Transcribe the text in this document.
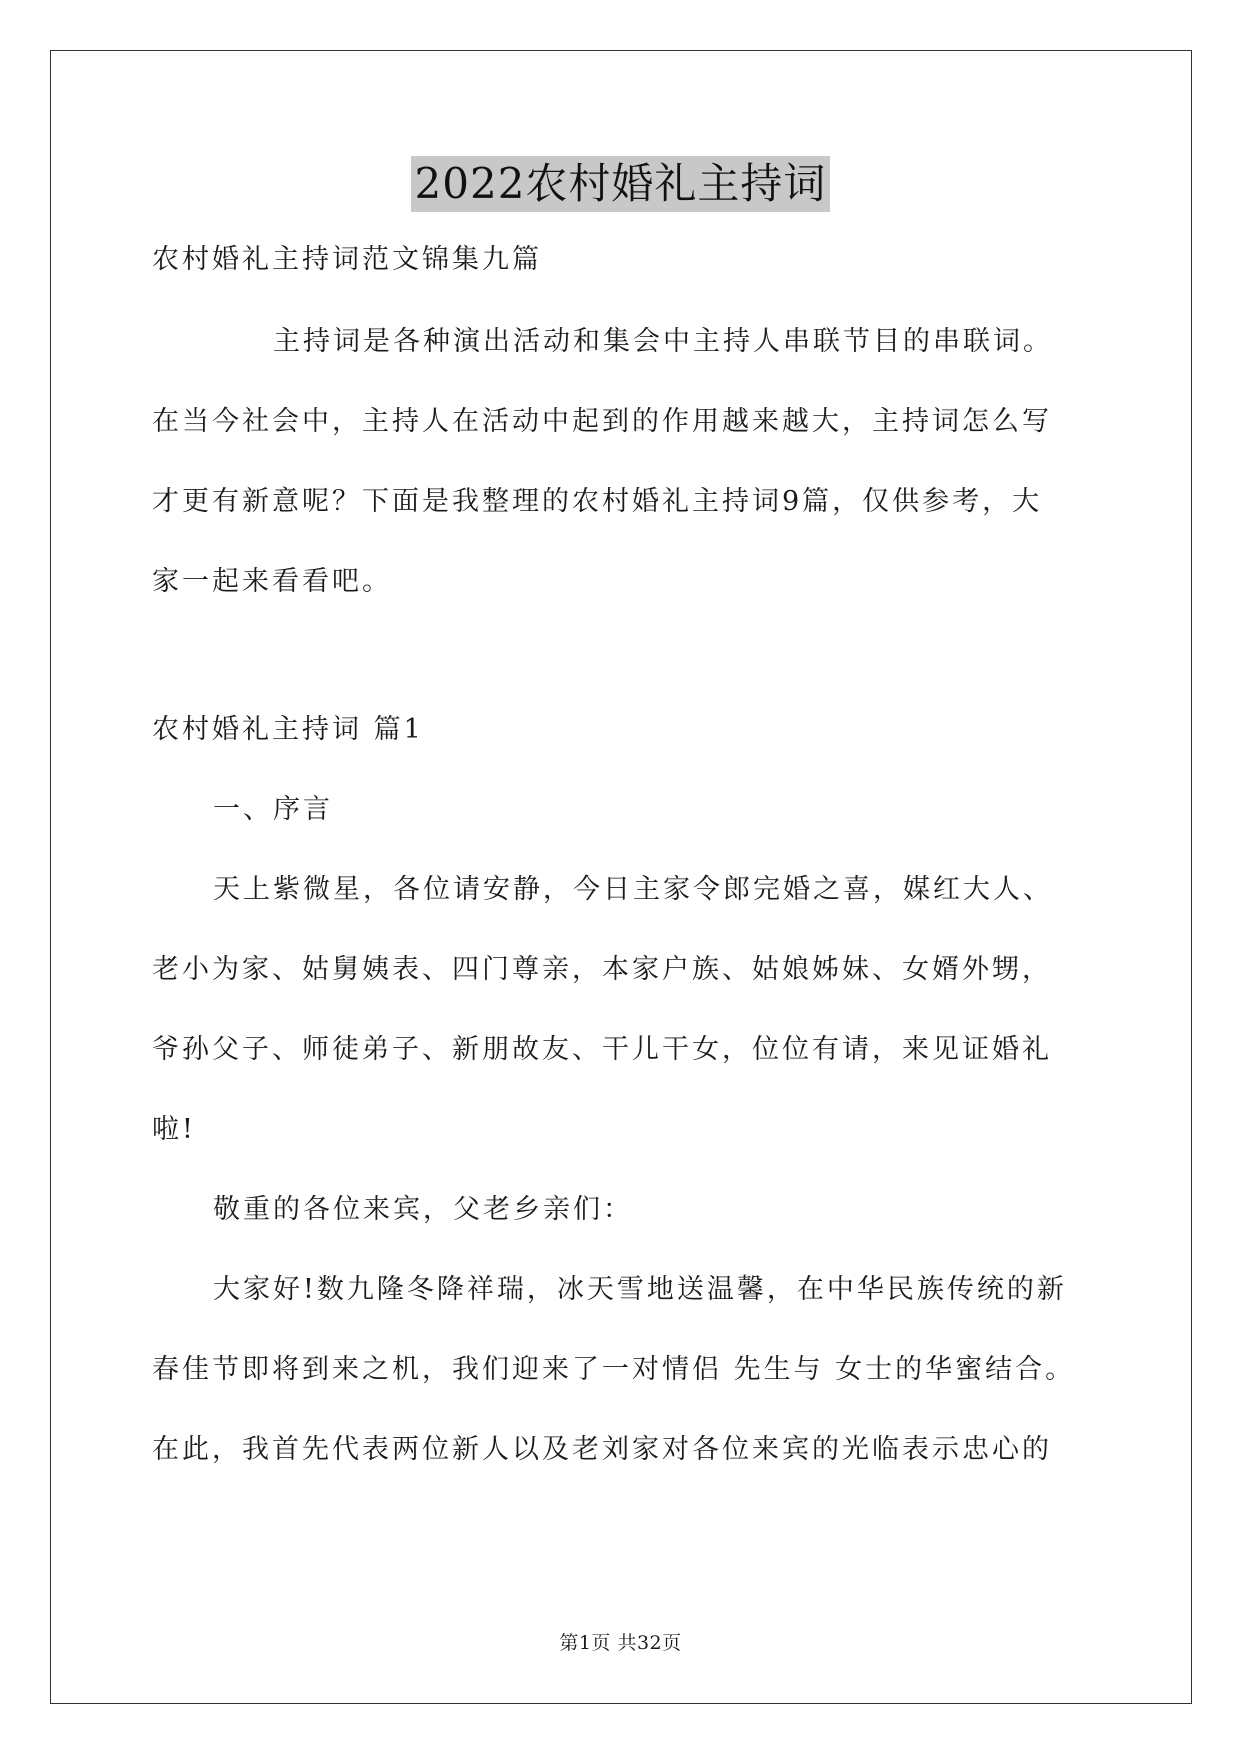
2022农村婚礼主持词
农村婚礼主持词范文锦集九篇
主持词是各种演出活动和集会中主持人串联节目的串联词。
在当今社会中，主持人在活动中起到的作用越来越大，主持词怎么写
才更有新意呢？下面是我整理的农村婚礼主持词9篇，仅供参考，大
家一起来看看吧。
农村婚礼主持词 篇1
一、序言
天上紫微星，各位请安静，今日主家令郎完婚之喜，媒红大人、
老小为家、姑舅姨表、四门尊亲，本家户族、姑娘姊妹、女婿外甥，
爷孙父子、师徒弟子、新朋故友、干儿干女，位位有请，来见证婚礼
啦!
敬重的各位来宾，父老乡亲们：
大家好!数九隆冬降祥瑞，冰天雪地送温馨，在中华民族传统的新
春佳节即将到来之机，我们迎来了一对情侣 先生与 女士的华蜜结合。
在此，我首先代表两位新人以及老刘家对各位来宾的光临表示忠心的
第1页 共32页
